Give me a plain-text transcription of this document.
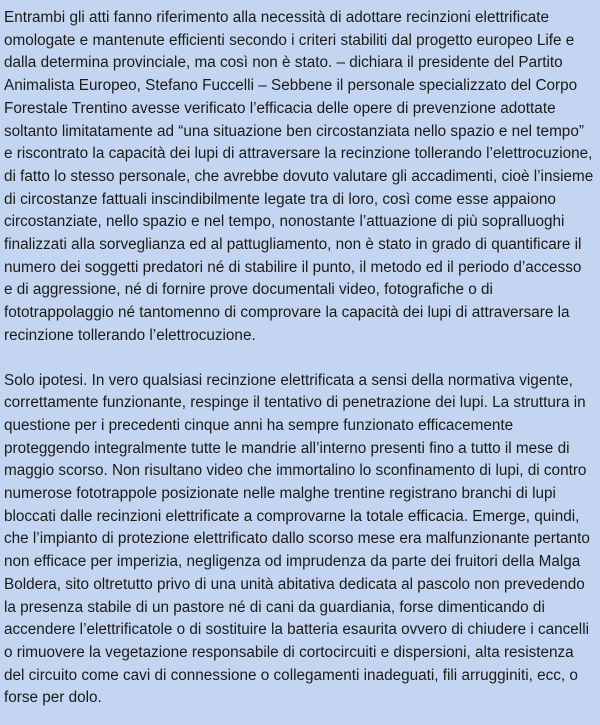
Entrambi gli atti fanno riferimento alla necessità di adottare recinzioni elettrificate
omologate e mantenute efficienti secondo i criteri stabiliti dal progetto europeo Life e
dalla determina provinciale, ma così non è stato. – dichiara il presidente del Partito
Animalista Europeo, Stefano Fuccelli – Sebbene il personale specializzato del Corpo
Forestale Trentino avesse verificato l’efficacia delle opere di prevenzione adottate
soltanto limitatamente ad “una situazione ben circostanziata nello spazio e nel tempo”
e riscontrato la capacità dei lupi di attraversare la recinzione tollerando l’elettrocuzione,
di fatto lo stesso personale, che avrebbe dovuto valutare gli accadimenti, cioè l’insieme
di circostanze fattuali inscindibilmente legate tra di loro, così come esse appaiono
circostanziate, nello spazio e nel tempo, nonostante l’attuazione di più sopralluoghi
finalizzati alla sorveglianza ed al pattugliamento, non è stato in grado di quantificare il
numero dei soggetti predatori né di stabilire il punto, il metodo ed il periodo d’accesso
e di aggressione, né di fornire prove documentali video, fotografiche o di
fototrappolaggio né tantomenno di comprovare la capacità dei lupi di attraversare la
recinzione tollerando l’elettrocuzione.

Solo ipotesi. In vero qualsiasi recinzione elettrificata a sensi della normativa vigente,
correttamente funzionante, respinge il tentativo di penetrazione dei lupi. La struttura in
questione per i precedenti cinque anni ha sempre funzionato efficacemente
proteggendo integralmente tutte le mandrie all’interno presenti fino a tutto il mese di
maggio scorso. Non risultano video che immortalino lo sconfinamento di lupi, di contro
numerose fototrappole posizionate nelle malghe trentine registrano branchi di lupi
bloccati dalle recinzioni elettrificate a comprovarne la totale efficacia. Emerge, quindi,
che l’impianto di protezione elettrificato dallo scorso mese era malfunzionante pertanto
non efficace per imperizia, negligenza od imprudenza da parte dei fruitori della Malga
Boldera, sito oltretutto privo di una unità abitativa dedicata al pascolo non prevedendo
la presenza stabile di un pastore né di cani da guardiania, forse dimenticando di
accendere l’elettrificatole o di sostituire la batteria esaurita ovvero di chiudere i cancelli
o rimuovere la vegetazione responsabile di cortocircuiti e dispersioni, alta resistenza
del circuito come cavi di connessione o collegamenti inadeguati, fili arrugginiti, ecc, o
forse per dolo.
